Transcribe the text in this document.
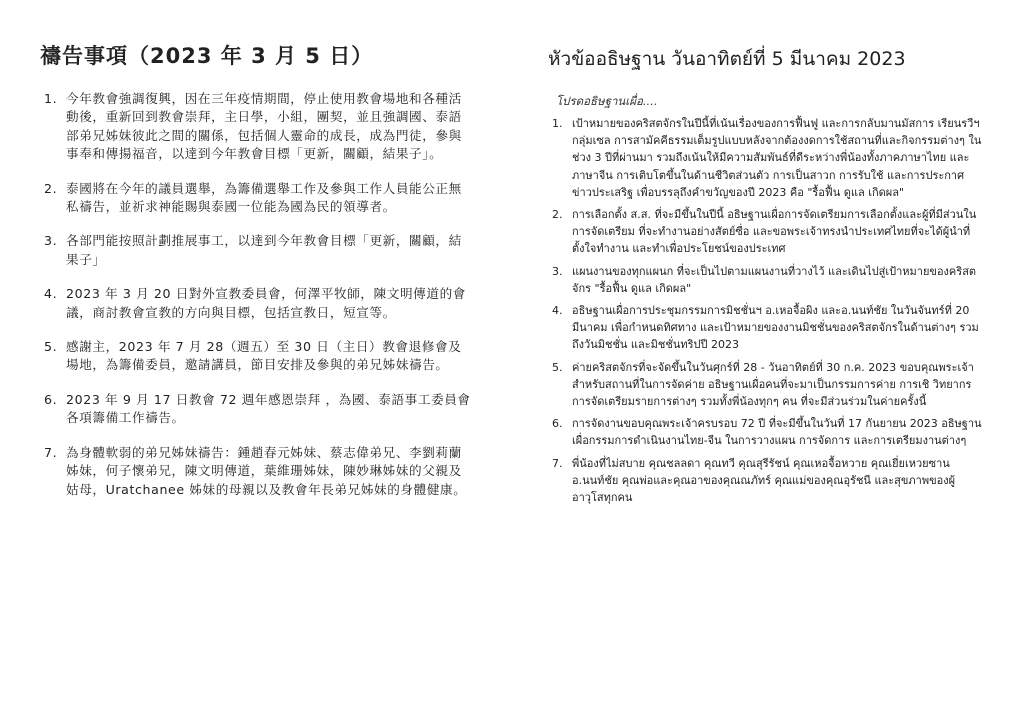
禱告事項（2023 年 3 月 5 日）
1. 今年教會強調復興，因在三年疫情期間，停止使用教會場地和各種活動後，重新回到教會崇拜，主日學，小組，團契，並且強調國、泰語部弟兄姊妹彼此之間的關係，包括個人靈命的成長，成為門徒，參與事奉和傳揚福音，以達到今年教會目標「更新，關顧，結果子」。
2. 泰國將在今年的議員選舉，為籌備選舉工作及參與工作人員能公正無私禱告，並祈求神能賜與泰國一位能為國為民的領導者。
3. 各部門能按照計劃推展事工，以達到今年教會目標「更新，關顧，結果子」
4. 2023 年 3 月 20 日對外宣教委員會，何澤平牧師，陳文明傳道的會議，商討教會宣教的方向與目標，包括宣教日，短宣等。
5. 感謝主，2023 年 7 月 28（週五）至 30 日（主日）教會退修會及場地，為籌備委員，邀請講員，節目安排及參與的弟兄姊妹禱告。
6. 2023 年 9 月 17 日教會 72 週年感恩崇拜 ，為國、泰語事工委員會各項籌備工作禱告。
7. 為身體軟弱的弟兄姊妹禱告：鍾趙春元姊妹、蔡志偉弟兄、李劉莉蘭姊妹，何子懷弟兄，陳文明傳道，葉維珊姊妹，陳妙琳姊妹的父親及姑母，Uratchanee 姊妹的母親以及教會年長弟兄姊妹的身體健康。
หัวข้ออธิษฐาน วันอาทิตย์ที่ 5 มีนาคม 2023
โปรดอธิษฐานเผื่อ....
1. เป้าหมายของคริสตจักรในปีนี้ที่เน้นเรื่องของการฟื้นฟู และการกลับมานมัสการ เรียนรวีฯ กลุ่มเซล การสามัคคีธรรมเต็มรูปแบบหลังจากต้องงดการใช้สถานที่และกิจกรรมต่างๆ ในช่วง 3 ปีที่ผ่านมา รวมถึงเน้นให้มีความสัมพันธ์ที่ดีระหว่างพี่น้องทั้งภาคภาษาไทย และภาษาจีน การเติบโตขึ้นในด้านชีวิตส่วนตัว การเป็นสาวก การรับใช้ และการประกาศข่าวประเสริฐ เพื่อบรรลุถึงคำขวัญของปี 2023 คือ "รื้อฟื้น ดูแล เกิดผล"
2. การเลือกตั้ง ส.ส. ที่จะมีขึ้นในปีนี้ อธิษฐานเผื่อการจัดเตรียมการเลือกตั้งและผู้ที่มีส่วนในการจัดเตรียม ที่จะทำงานอย่างสัตย์ซื่อ และขอพระเจ้าทรงนำประเทศไทยที่จะได้ผู้นำที่ตั้งใจทำงาน และทำเพื่อประโยชน์ของประเทศ
3. แผนงานของทุกแผนก ที่จะเป็นไปตามแผนงานที่วางไว้ และเดินไปสู่เป้าหมายของคริสตจักร "รื้อฟื้น ดูแล เกิดผล"
4. อธิษฐานเผื่อการประชุมกรรมการมิชชั่นฯ อ.เหอจื้อผิง และอ.นนท์ชัย ในวันจันทร์ที่ 20 มีนาคม เพื่อกำหนดทิศทาง และเป้าหมายของงานมิชชั่นของคริสตจักรในด้านต่างๆ รวมถึงวันมิชชั่น และมิชชั่นทริปปี 2023
5. ค่ายคริสตจักรที่จะจัดขึ้นในวันศุกร์ที่ 28 - วันอาทิตย์ที่ 30 ก.ค. 2023 ขอบคุณพระเจ้าสำหรับสถานที่ในการจัดค่าย อธิษฐานเผื่อคนที่จะมาเป็นกรรมการค่าย การเชิ วิทยากร การจัดเตรียมรายการต่างๆ รวมทั้งพี่น้องทุกๆ คน ที่จะมีส่วนร่วมในค่ายครั้งนี้
6. การจัดงานขอบคุณพระเจ้าครบรอบ 72 ปี ที่จะมีขึ้นในวันที่ 17 กันยายน 2023 อธิษฐานเผื่อกรรมการดำเนินงานไทย-จีน ในการวางแผน การจัดการ และการเตรียมงานต่างๆ
7. พี่น้องที่ไม่สบาย คุณชลลดา คุณทวี คุณสุรีรัชน์ คุณเหอจื้อหวาย คุณเยี่ยเหวยซาน อ.นนท์ชัย คุณพ่อและคุณอาของคุณณภัทร์ คุณแม่ของคุณอุรัชนี และสุขภาพของผู้อาวุโสทุกคน
